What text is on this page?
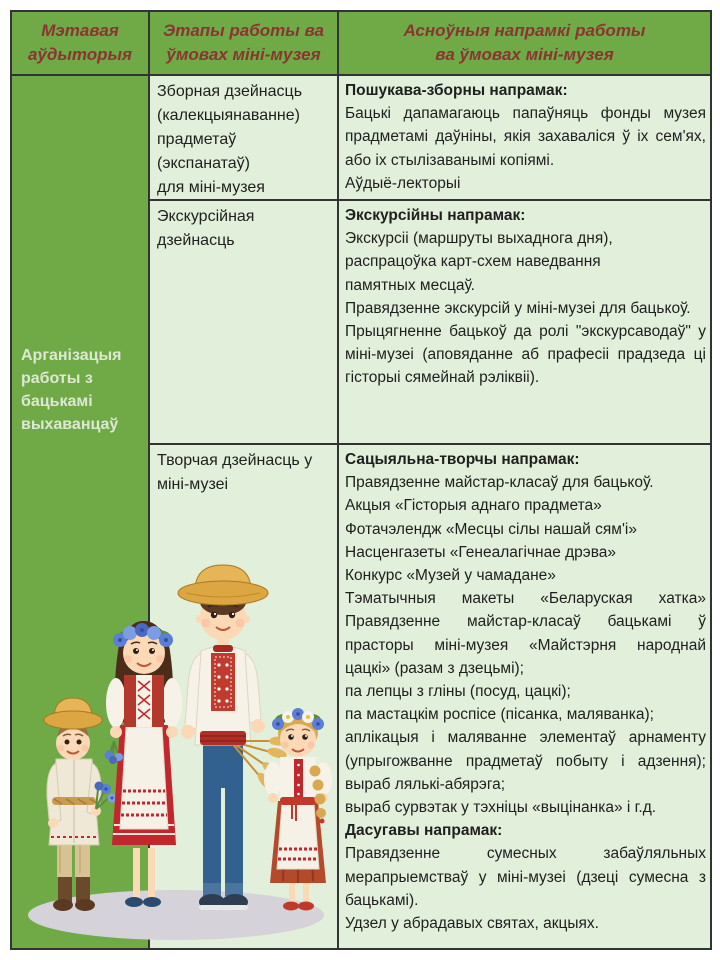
Мэтавая
аўдыторыя
Этапы работы ва
ўмовах міні-музея
Асноўныя напрамкі работы
ва ўмовах міні-музея
Арганізацыя работы з бацькамі выхаванцаў
Зборная дзейнасць
(калекцыянаванне)
прадметаў
(экспанатаў)
для міні-музея
Пошукава-зборны напрамак:
Бацькі дапамагаюць папаўняць фонды музея прадметамі даўніны, якія захаваліся ў іх сем'ях, або іх стылізаванымі копіямі.
Аўдыё-лекторыі
Экскурсійная
дзейнасць
Экскурсійны напрамак:
Экскурсіі (маршруты выхаднога дня),
распрацоўка карт-схем наведвання
памятных месцаў.
Правядзенне экскурсій у міні-музеі для бацькоў.
Прыцягненне бацькоў да ролі "экскурсаводаў" у міні-музеі (аповяданне аб прафесіі прадзеда ці гісторыі сямейнай рэліквіі).
Творчая дзейнасць у
міні-музеі
Сацыяльна-творчы напрамак:
Правядзенне майстар-класаў для бацькоў.
Акцыя «Гісторыя аднаго прадмета»
Фотачэлендж «Месцы сілы нашай сям'і»
Насценгазеты «Генеалагічнае дрэва»
Конкурс «Музей у чамадане»
Тэматычныя макеты «Беларуская хатка» Правядзенне майстар-класаў бацькамі ў прасторы міні-музея «Майстэрня народнай цацкі» (разам з дзецьмі);
па лепцы з гліны (посуд, цацкі);
па мастацкім роспісе (пісанка, маляванка);
аплікацыя і маляванне элементаў арнаменту (упрыгожванне прадметаў побыту і адзення); выраб лялькі-абярэга;
выраб сурвэтак у тэхніцы «выцінанка» і г.д.
Дасугавы напрамак:
Правядзенне сумесных забаўляльных мерапрыемстваў у міні-музеі (дзеці сумесна з бацькамі).
Удзел у абрадавых святах, акцыях.
